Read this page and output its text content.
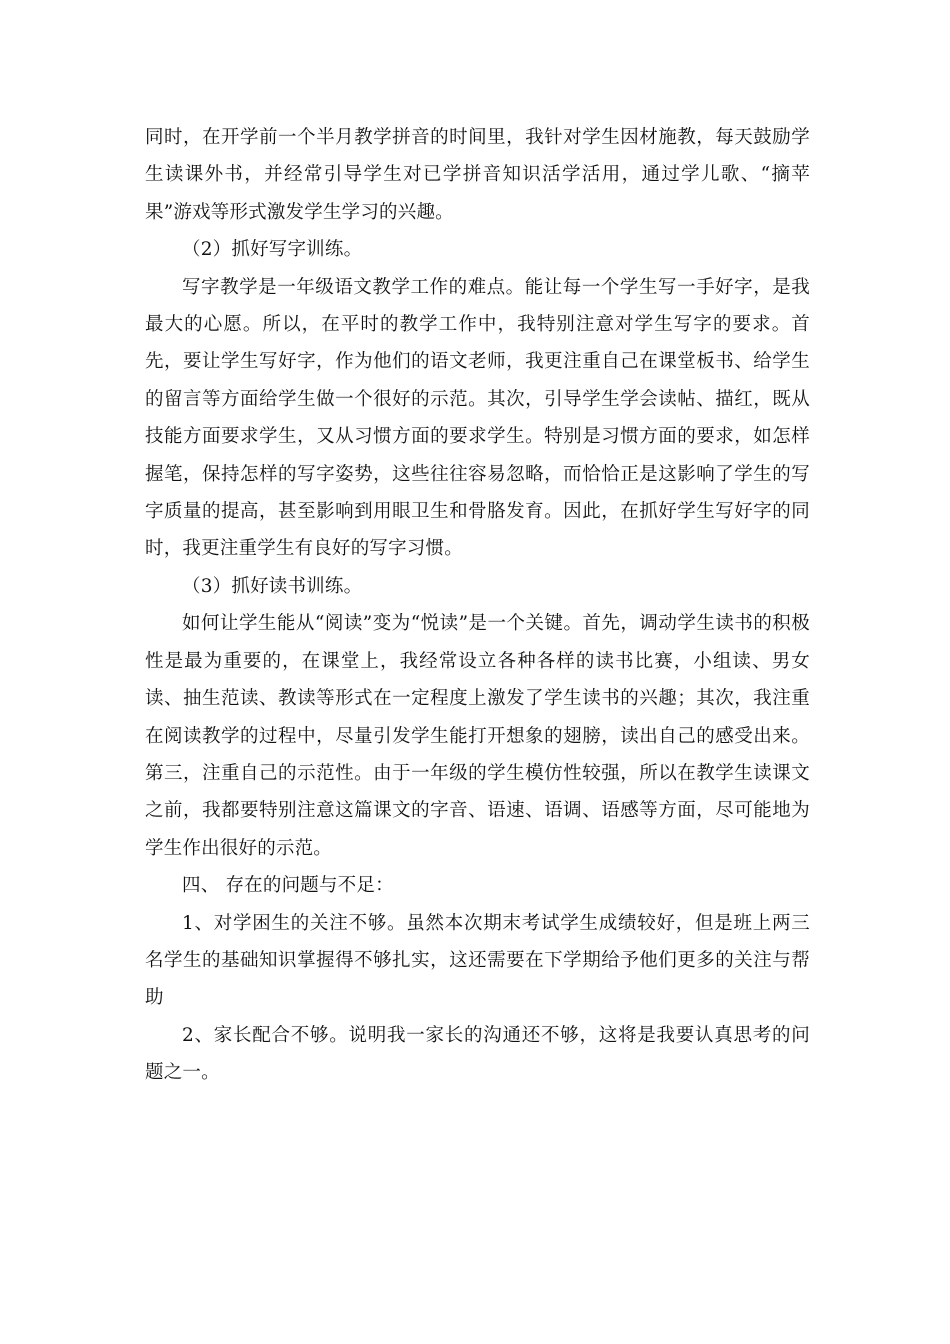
同时，在开学前一个半月教学拼音的时间里，我针对学生因材施教，每天鼓励学生读课外书，并经常引导学生对已学拼音知识活学活用，通过学儿歌、“摘苹果”游戏等形式激发学生学习的兴趣。

（2）抓好写字训练。

写字教学是一年级语文教学工作的难点。能让每一个学生写一手好字，是我最大的心愿。所以，在平时的教学工作中，我特别注意对学生写字的要求。首先，要让学生写好字，作为他们的语文老师，我更注重自己在课堂板书、给学生的留言等方面给学生做一个很好的示范。其次，引导学生学会读帖、描红，既从技能方面要求学生，又从习惯方面的要求学生。特别是习惯方面的要求，如怎样握笔，保持怎样的写字姿势，这些往往容易忽略，而恰恰正是这影响了学生的写字质量的提高，甚至影响到用眼卫生和骨胳发育。因此，在抓好学生写好字的同时，我更注重学生有良好的写字习惯。

（3）抓好读书训练。

如何让学生能从“阅读”变为“悦读”是一个关键。首先，调动学生读书的积极性是最为重要的，在课堂上，我经常设立各种各样的读书比赛，小组读、男女读、抽生范读、教读等形式在一定程度上激发了学生读书的兴趣；其次，我注重在阅读教学的过程中，尽量引发学生能打开想象的翅膀，读出自己的感受出来。第三，注重自己的示范性。由于一年级的学生模仿性较强，所以在教学生读课文之前，我都要特别注意这篇课文的字音、语速、语调、语感等方面，尽可能地为学生作出很好的示范。

四、 存在的问题与不足：

1、对学困生的关注不够。虽然本次期末考试学生成绩较好，但是班上两三名学生的基础知识掌握得不够扎实，这还需要在下学期给予他们更多的关注与帮助

2、家长配合不够。说明我一家长的沟通还不够，这将是我要认真思考的问题之一。
